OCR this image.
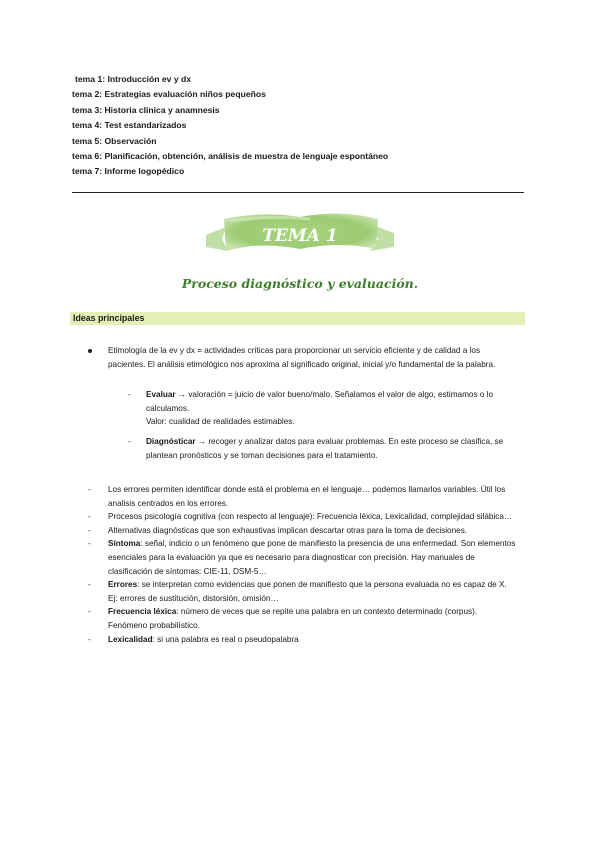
tema 1: Introducción ev y dx
tema 2: Estrategias evaluación niños pequeños
tema 3: Historia clinica y anamnesis
tema 4: Test estandarizados
tema 5: Observación
tema 6: Planificación, obtención, análisis de muestra de lenguaje espontáneo
tema 7: Informe logopédico
TEMA 1
Proceso diagnóstico y evaluación.
Ideas principales
Etimología de la ev y dx = actividades críticas para proporcionar un servicio eficiente y de calidad a los pacientes. El análisis etimológico nos aproxima al significado original, inicial y/o fundamental de la palabra.
- Evaluar → valoración = juicio de valor bueno/malo. Señalamos el valor de algo, estimamos o lo calculamos.
Valor: cualidad de realidades estimables.
- Diagnósticar → recoger y analizar datos para evaluar problemas. En este proceso se clasifica, se plantean pronósticos y se toman decisiones para el tratamiento.
- Los errores permiten identificar donde está el problema en el lenguaje… podemos llamarlos variables. Útil los analisis centrados en los errores.
- Procesos psicología cognitiva (con respecto al lenguaje): Frecuencia léxica, Lexicalidad, complejidad silábica…
- Alternativas diagnósticas que son exhaustivas implican descartar otras para la toma de decisiones.
- Síntoma: señal, indicio o un fenómeno que pone de manifiesto la presencia de una enfermedad. Son elementos esenciales para la evaluación ya que es necesario para diagnosticar con precisión. Hay manuales de clasificación de síntomas: CIE-11, DSM-5…
- Errores: se interpretan como evidencias que ponen de manifiesto que la persona evaluada no es capaz de X. Ej: errores de sustitución, distorsión, omisión…
- Frecuencia léxica: número de veces que se repite una palabra en un contexto determinado (corpus). Fenómeno probabilístico.
- Lexicalidad: si una palabra es real o pseudopalabra
